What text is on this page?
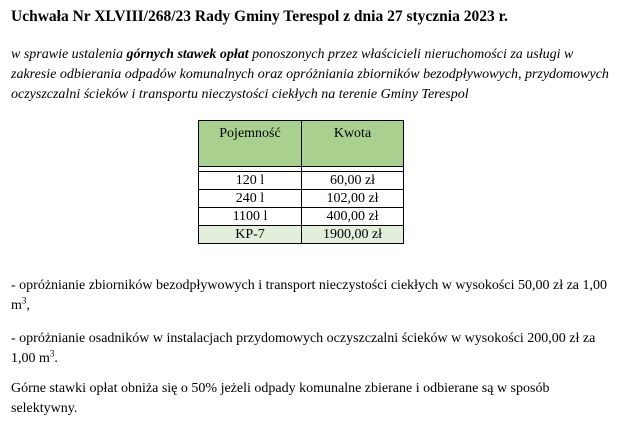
Uchwała Nr XLVIII/268/23 Rady Gminy Terespol z dnia 27 stycznia 2023 r.

w sprawie ustalenia górnych stawek opłat ponoszonych przez właścicieli nieruchomości za usługi w zakresie odbierania odpadów komunalnych oraz opróżniania zbiorników bezodpływowych, przydomowych oczyszczalni ścieków i transportu nieczystości ciekłych na terenie Gminy Terespol
Pojemność	Kwota

120 l	60,00 zł
240 l	102,00 zł
1100 l	400,00 zł
KP-7	1900,00 zł
- opróżnianie zbiorników bezodpływowych i transport nieczystości ciekłych w wysokości 50,00 zł za 1,00 $m^3$,
- opróżnianie osadników w instalacjach przydomowych oczyszczalni ścieków w wysokości 200,00 zł za 1,00 $m^3$.
Górne stawki opłat obniża się o 50% jeżeli odpady komunalne zbierane i odbierane są w sposób selektywny.
